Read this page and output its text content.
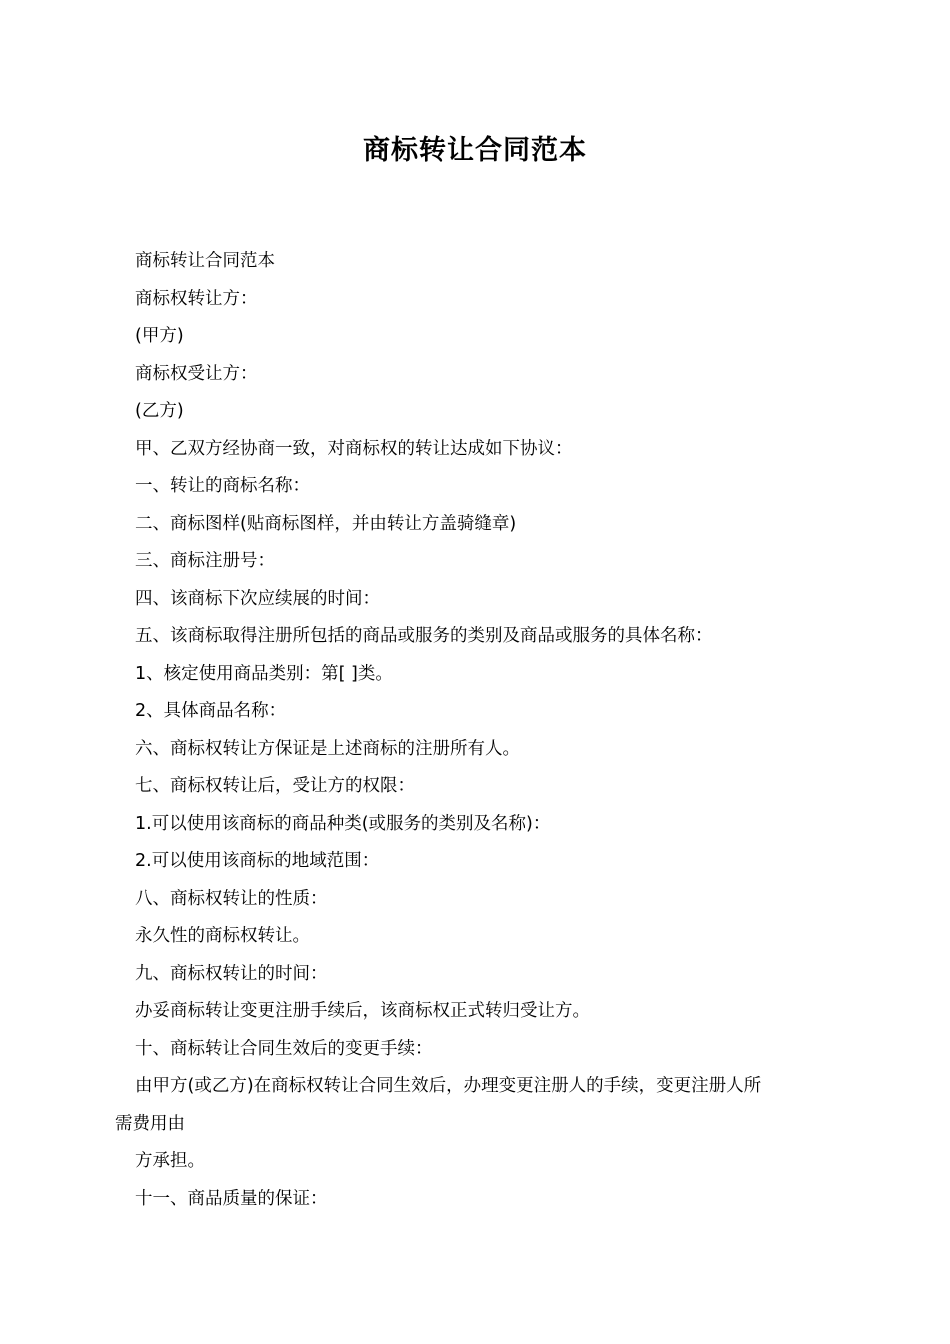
商标转让合同范本
商标转让合同范本
商标权转让方：
(甲方)
商标权受让方：
(乙方)
甲、乙双方经协商一致，对商标权的转让达成如下协议：
一、转让的商标名称：
二、商标图样(贴商标图样，并由转让方盖骑缝章)
三、商标注册号：
四、该商标下次应续展的时间：
五、该商标取得注册所包括的商品或服务的类别及商品或服务的具体名称：
1、核定使用商品类别：第[ ]类。
2、具体商品名称：
六、商标权转让方保证是上述商标的注册所有人。
七、商标权转让后，受让方的权限：
1.可以使用该商标的商品种类(或服务的类别及名称)：
2.可以使用该商标的地域范围：
八、商标权转让的性质：
永久性的商标权转让。
九、商标权转让的时间：
办妥商标转让变更注册手续后，该商标权正式转归受让方。
十、商标转让合同生效后的变更手续：
由甲方(或乙方)在商标权转让合同生效后，办理变更注册人的手续，变更注册人所
需费用由
方承担。
十一、商品质量的保证：
